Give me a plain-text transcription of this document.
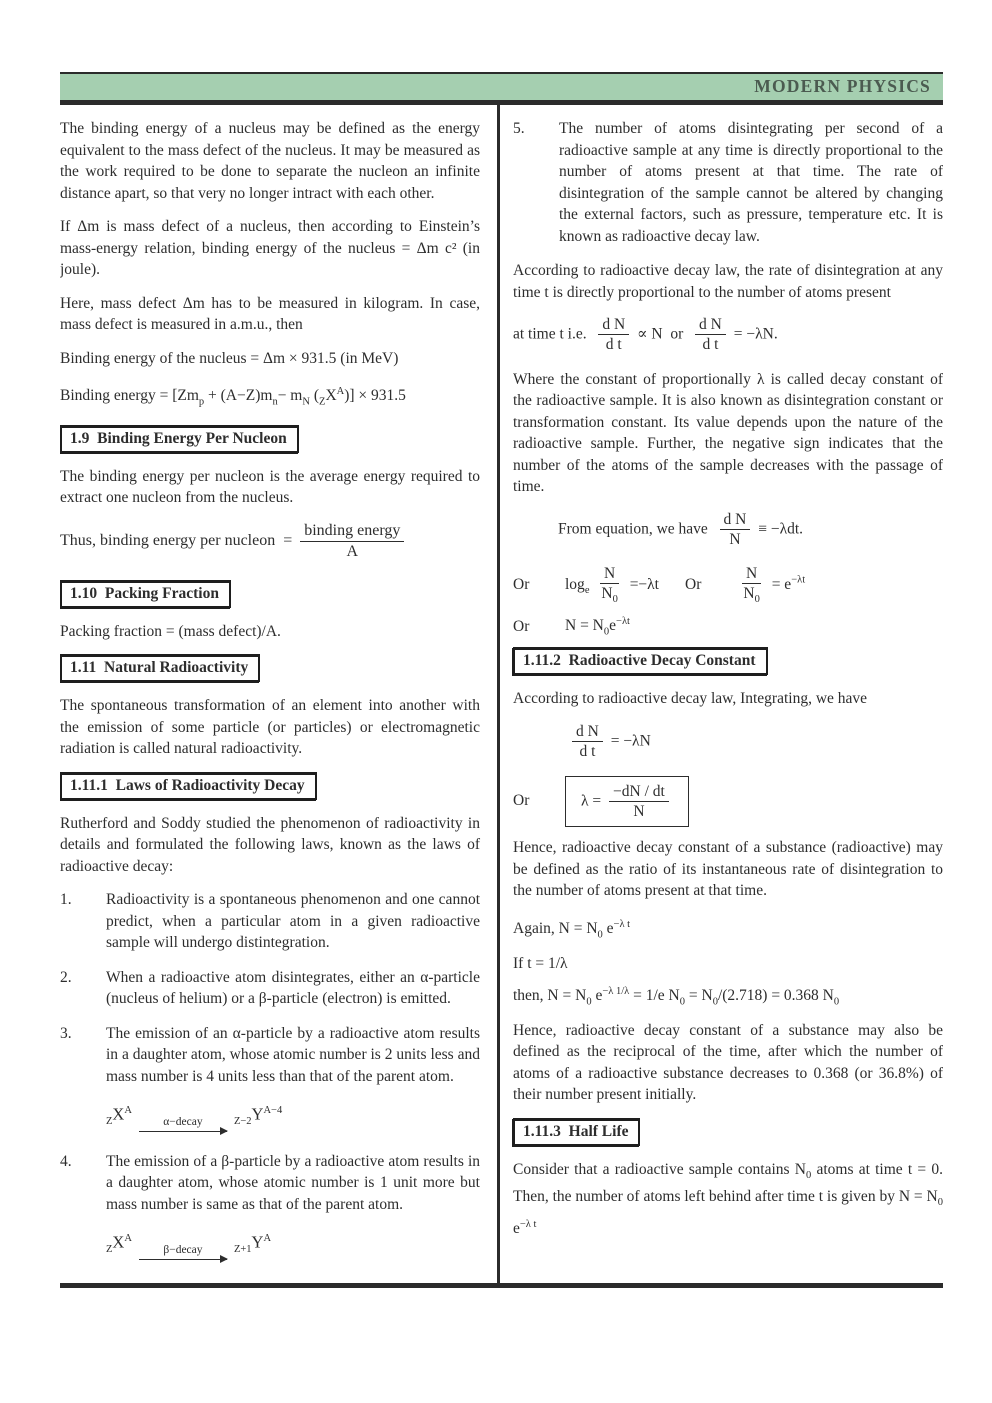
MODERN PHYSICS

The binding energy of a nucleus may be defined as the energy equivalent to the mass defect of the nucleus. It may be measured as the work required to be done to separate the nucleon an infinite distance apart, so that very no longer intract with each other.

If Δm is mass defect of a nucleus, then according to Einstein’s mass-energy relation, binding energy of the nucleus = Δm c² (in joule).

Here, mass defect Δm has to be measured in kilogram. In case, mass defect is measured in a.m.u., then

Binding energy of the nucleus = Δm × 931.5 (in MeV)
Binding energy = [$Zm_p + (A-Z)m_n- m_N$ $(_ZX^A)] \times 931.5$
1.9  Binding Energy Per Nucleon

The binding energy per nucleon is the average energy required to extract one nucleon from the nucleus.

Thus, binding energy per nucleon  = $\frac{\text{binding energy}}{A}$
1.10  Packing Fraction

Packing fraction = (mass defect)/A.

1.11  Natural Radioactivity

The spontaneous transformation of an element into another with the emission of some particle (or particles) or electromagnetic radiation is called natural radioactivity.

1.11.1  Laws of Radioactivity Decay

Rutherford and Soddy studied the phenomenon of radioactivity in details and formulated the following laws, known as the laws of radioactive decay:

1.	Radioactivity is a spontaneous phenomenon and one cannot predict, when a particular atom in a given radioactive sample will undergo distintegration.
2.	When a radioactive atom disintegrates, either an α-particle (nucleus of helium) or a β-particle (electron) is emitted.
3.	The emission of an α-particle by a radioactive atom results in a daughter atom, whose atomic number is 2 units less and mass number is 4 units less than that of the parent atom.
$_ZX^A$
α−decay	$_{Z-2}Y^{A-4}$
4.	The emission of a β-particle by a radioactive atom results in a daughter atom, whose atomic number is 1 unit more but mass number is same as that of the parent atom.
$_ZX^A$
β−decay	$_{Z+1}Y^A$
5.	The number of atoms disintegrating per second of a radioactive sample at any time is directly proportional to the number of atoms present at that time. The rate of disintegration of the sample cannot be altered by changing the external factors, such as pressure, temperature etc. It is known as radioactive decay law.

According to radioactive decay law, the rate of disintegration at any time t is directly proportional to the number of atoms present

at time t i.e. $\frac{\text{d N}}{\text{d t}} \propto N$  or $\frac{\text{d N}}{\text{d t}} = -\lambda N$.

Where the constant of proportionally λ is called decay constant of the radioactive sample. It is also known as disintegration constant or transformation constant. Its value depends upon the nature of the radioactive sample. Further, the negative sign indicates that the number of the atoms of the sample decreases with the passage of time.

From equation, we have $\frac{\text{d N}}{N} \equiv -\lambda dt$.
Or	$\log_e \frac{N}{N_0} =-\lambda t$ Or $\frac{N}{N_0} = e^{-\lambda t}$
Or	$N = N_0e^{-\lambda t}$
1.11.2  Radioactive Decay Constant

According to radioactive decay law, Integrating, we have

$\frac{\text{d N}}{\text{d t}} = -\lambda N$
Or	$\lambda = \frac{-dN / dt}{N}$

Hence, radioactive decay constant of a substance (radioactive) may be defined as the ratio of its instantaneous rate of disintegration to the number of atoms present at that time.

Again, $N = N_0$ $e^{-\lambda t}$
If t = 1/λ
then, $N = N_0$ $e^{-\lambda 1/\lambda} = 1/e$ $N_0 = N_0/(2.718) = 0.368$ $N_0$

Hence, radioactive decay constant of a substance may also be defined as the reciprocal of the time, after which the number of atoms of a radioactive substance decreases to 0.368 (or 36.8%) of their number present initially.

1.11.3  Half Life

Consider that a radioactive sample contains $N_0$ atoms at time t = 0. Then, the number of atoms left behind after time t is given by $N = N_0$ $e^{-\lambda t}$
